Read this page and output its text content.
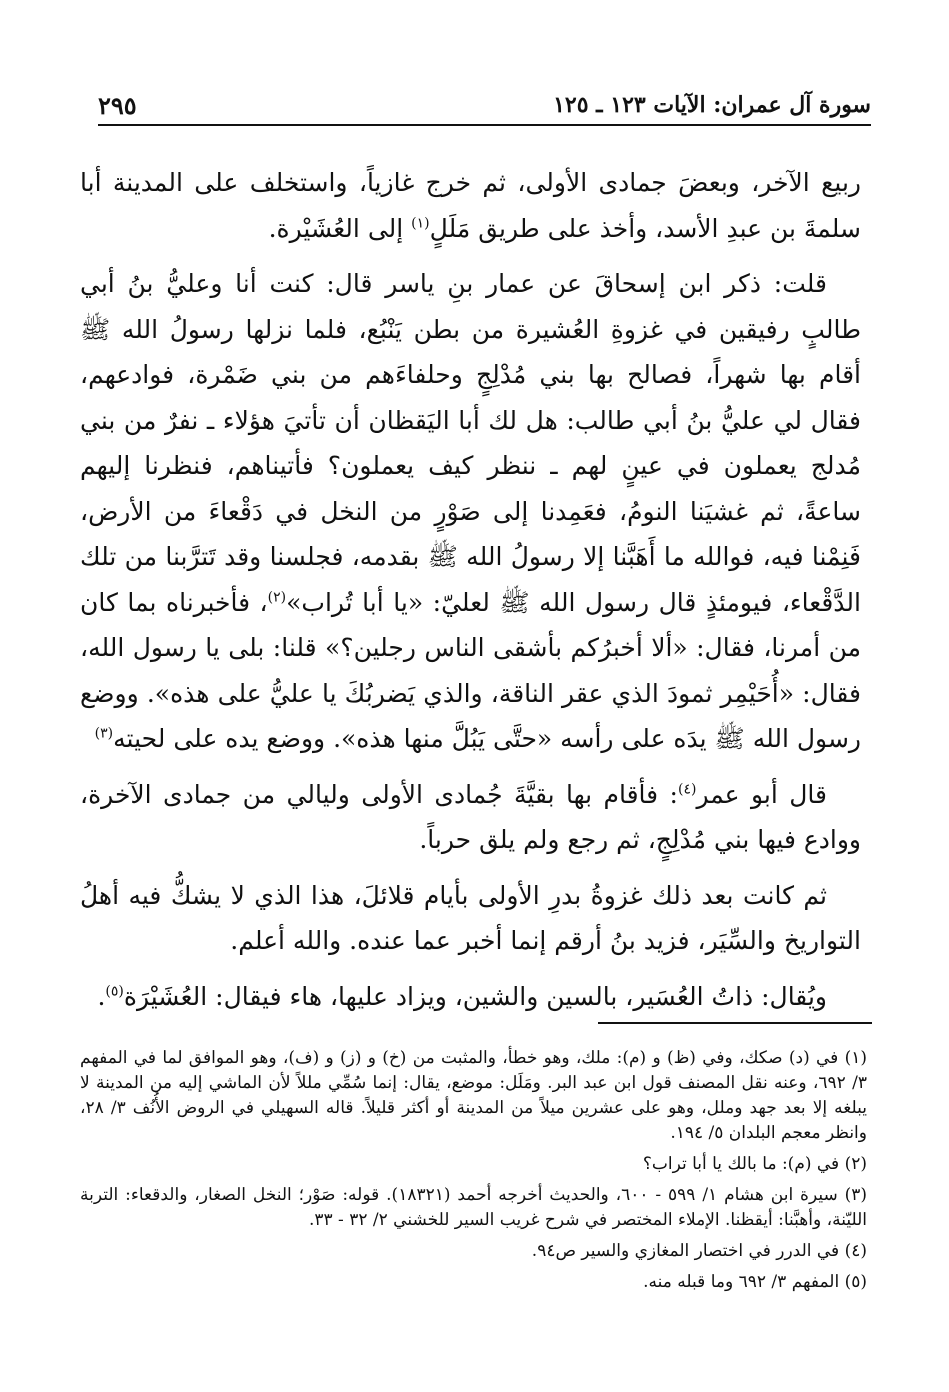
سورة آل عمران: الآيات ١٢٣ ـ ١٢٥
٢٩٥

ربيع الآخر، وبعضَ جمادى الأولى، ثم خرج غازياً، واستخلف على المدينة أبا سلمةَ بن عبدِ الأسد، وأخذ على طريق مَلَلٍ$^{(١)}$ إلى العُشَيْرة.

قلت: ذكر ابن إسحاقَ عن عمار بنِ ياسر قال: كنت أنا وعليُّ بنُ أبي طالبٍ رفيقين في غزوةِ العُشيرة من بطن يَنْبُع، فلما نزلها رسولُ الله ﷺ أقام بها شهراً، فصالح بها بني مُدْلِجٍ وحلفاءَهم من بني ضَمْرة، فوادعهم، فقال لي عليُّ بنُ أبي طالب: هل لك أبا اليَقظان أن تأتيَ هؤلاء ـ نفرٌ من بني مُدلج يعملون في عينٍ لهم ـ ننظر كيف يعملون؟ فأتيناهم، فنظرنا إليهم ساعةً، ثم غشيَنا النومُ، فعَمِدنا إلى صَوْرٍ من النخل في دَقْعاءَ من الأرض، فَنِمْنا فيه، فوالله ما أَهَبَّنا إلا رسولُ الله ﷺ بقدمه، فجلسنا وقد تَترَّبنا من تلك الدَّقْعاء، فيومئذٍ قال رسول الله ﷺ لعليّ: «يا أبا تُراب»$^{(٢)}$، فأخبرناه بما كان من أمرنا، فقال: «ألا أخبرُكم بأشقى الناس رجلين؟» قلنا: بلى يا رسول الله، فقال: «أُحَيْمِر ثمودَ الذي عقر الناقة، والذي يَضربُكَ يا عليُّ على هذه». ووضع رسول الله ﷺ يدَه على رأسه «حتَّى يَبُلَّ منها هذه». ووضع يده على لحيته$^{(٣)}$

قال أبو عمر$^{(٤)}$: فأقام بها بقيَّةَ جُمادى الأولى وليالي من جمادى الآخرة، ووادع فيها بني مُدْلِجٍ، ثم رجع ولم يلق حرباً.

ثم كانت بعد ذلك غزوةُ بدرِ الأولى بأيام قلائلَ، هذا الذي لا يشكُّ فيه أهلُ التواريخ والسِّيَر، فزيد بنُ أرقم إنما أخبر عما عنده. والله أعلم.

ويُقال: ذاتُ العُسَير، بالسين والشين، ويزاد عليها، هاء فيقال: العُشَيْرَة$^{(٥)}$.

(١) في (د) صكك، وفي (ظ) و (م): ملك، وهو خطأ، والمثبت من (خ) و (ز) و (ف)، وهو الموافق لما في المفهم ٣/ ٦٩٢، وعنه نقل المصنف قول ابن عبد البر. ومَلَل: موضع، يقال: إنما سُمِّي مللاً لأن الماشي إليه من المدينة لا يبلغه إلا بعد جهد وملل، وهو على عشرين ميلاً من المدينة أو أكثر قليلاً. قاله السهيلي في الروض الأُنُف ٣/ ٢٨، وانظر معجم البلدان ٥/ ١٩٤.

(٢) في (م): ما بالك يا أبا تراب؟

(٣) سيرة ابن هشام ١/ ٥٩٩ - ٦٠٠، والحديث أخرجه أحمد (١٨٣٢١). قوله: صَوْر؛ النخل الصغار، والدقعاء: التربة الليّنة، وأهبَّنا: أيقظنا. الإملاء المختصر في شرح غريب السير للخشني ٢/ ٣٢ - ٣٣.

(٤) في الدرر في اختصار المغازي والسير ص٩٤.

(٥) المفهم ٣/ ٦٩٢ وما قبله منه.
